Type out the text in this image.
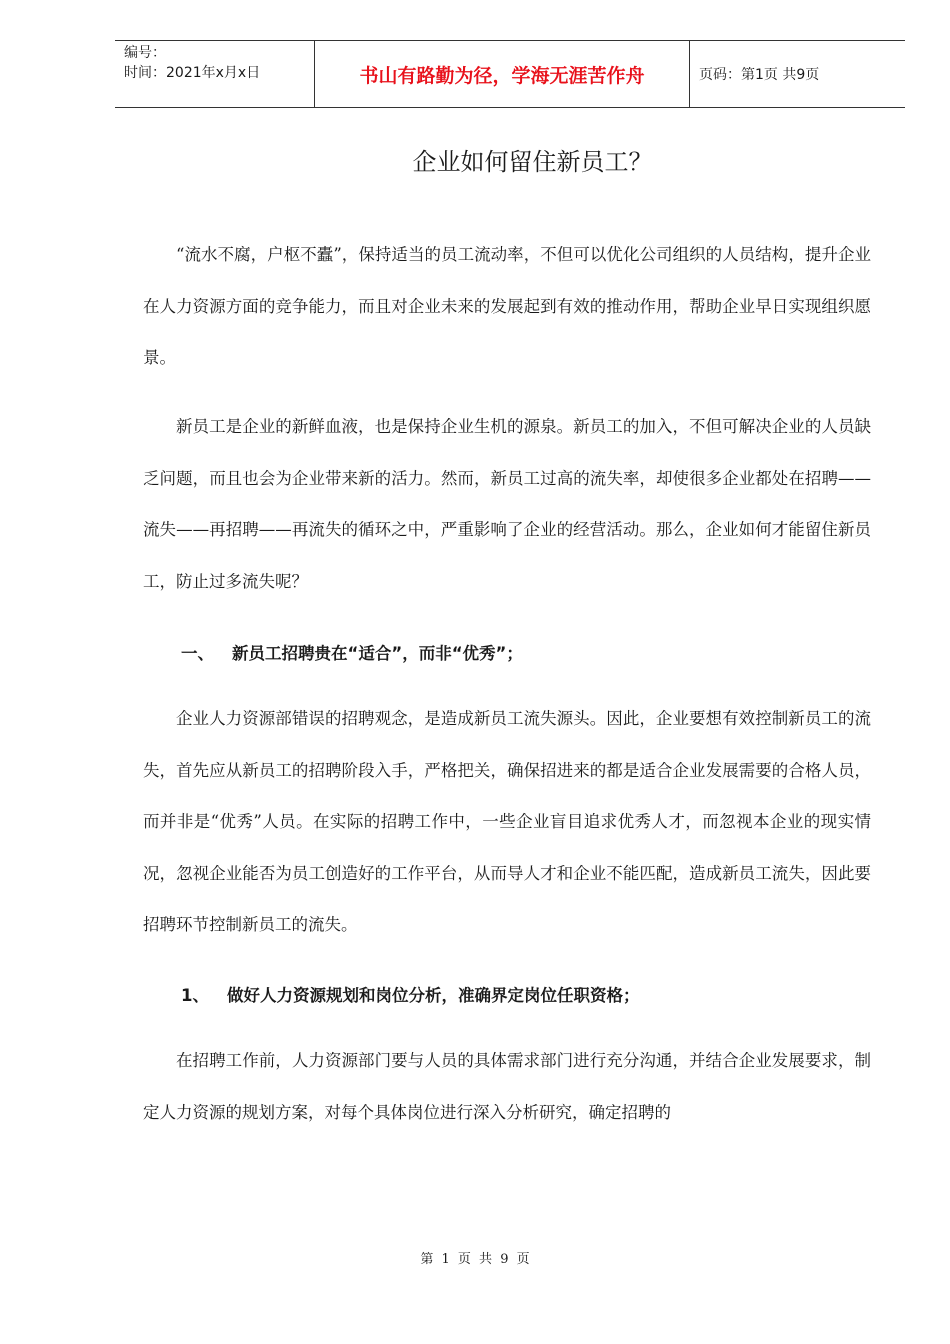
编号：
时间：2021年x月x日	书山有路勤为径，学海无涯苦作舟	页码：第1页 共9页
企业如何留住新员工？

“流水不腐，户枢不蠹”，保持适当的员工流动率，不但可以优化公司组织的人员结构，提升企业在人力资源方面的竞争能力，而且对企业未来的发展起到有效的推动作用，帮助企业早日实现组织愿景。

新员工是企业的新鲜血液，也是保持企业生机的源泉。新员工的加入，不但可解决企业的人员缺乏问题，而且也会为企业带来新的活力。然而，新员工过高的流失率，却使很多企业都处在招聘——流失——再招聘——再流失的循环之中，严重影响了企业的经营活动。那么，企业如何才能留住新员工，防止过多流失呢？

一、 新员工招聘贵在“适合”，而非“优秀”；

企业人力资源部错误的招聘观念，是造成新员工流失源头。因此，企业要想有效控制新员工的流失，首先应从新员工的招聘阶段入手，严格把关，确保招进来的都是适合企业发展需要的合格人员，而并非是“优秀”人员。在实际的招聘工作中，一些企业盲目追求优秀人才，而忽视本企业的现实情况，忽视企业能否为员工创造好的工作平台，从而导人才和企业不能匹配，造成新员工流失，因此要招聘环节控制新员工的流失。

1、 做好人力资源规划和岗位分析，准确界定岗位任职资格；

在招聘工作前，人力资源部门要与人员的具体需求部门进行充分沟通，并结合企业发展要求，制定人力资源的规划方案，对每个具体岗位进行深入分析研究，确定招聘的

第 1 页 共 9 页
